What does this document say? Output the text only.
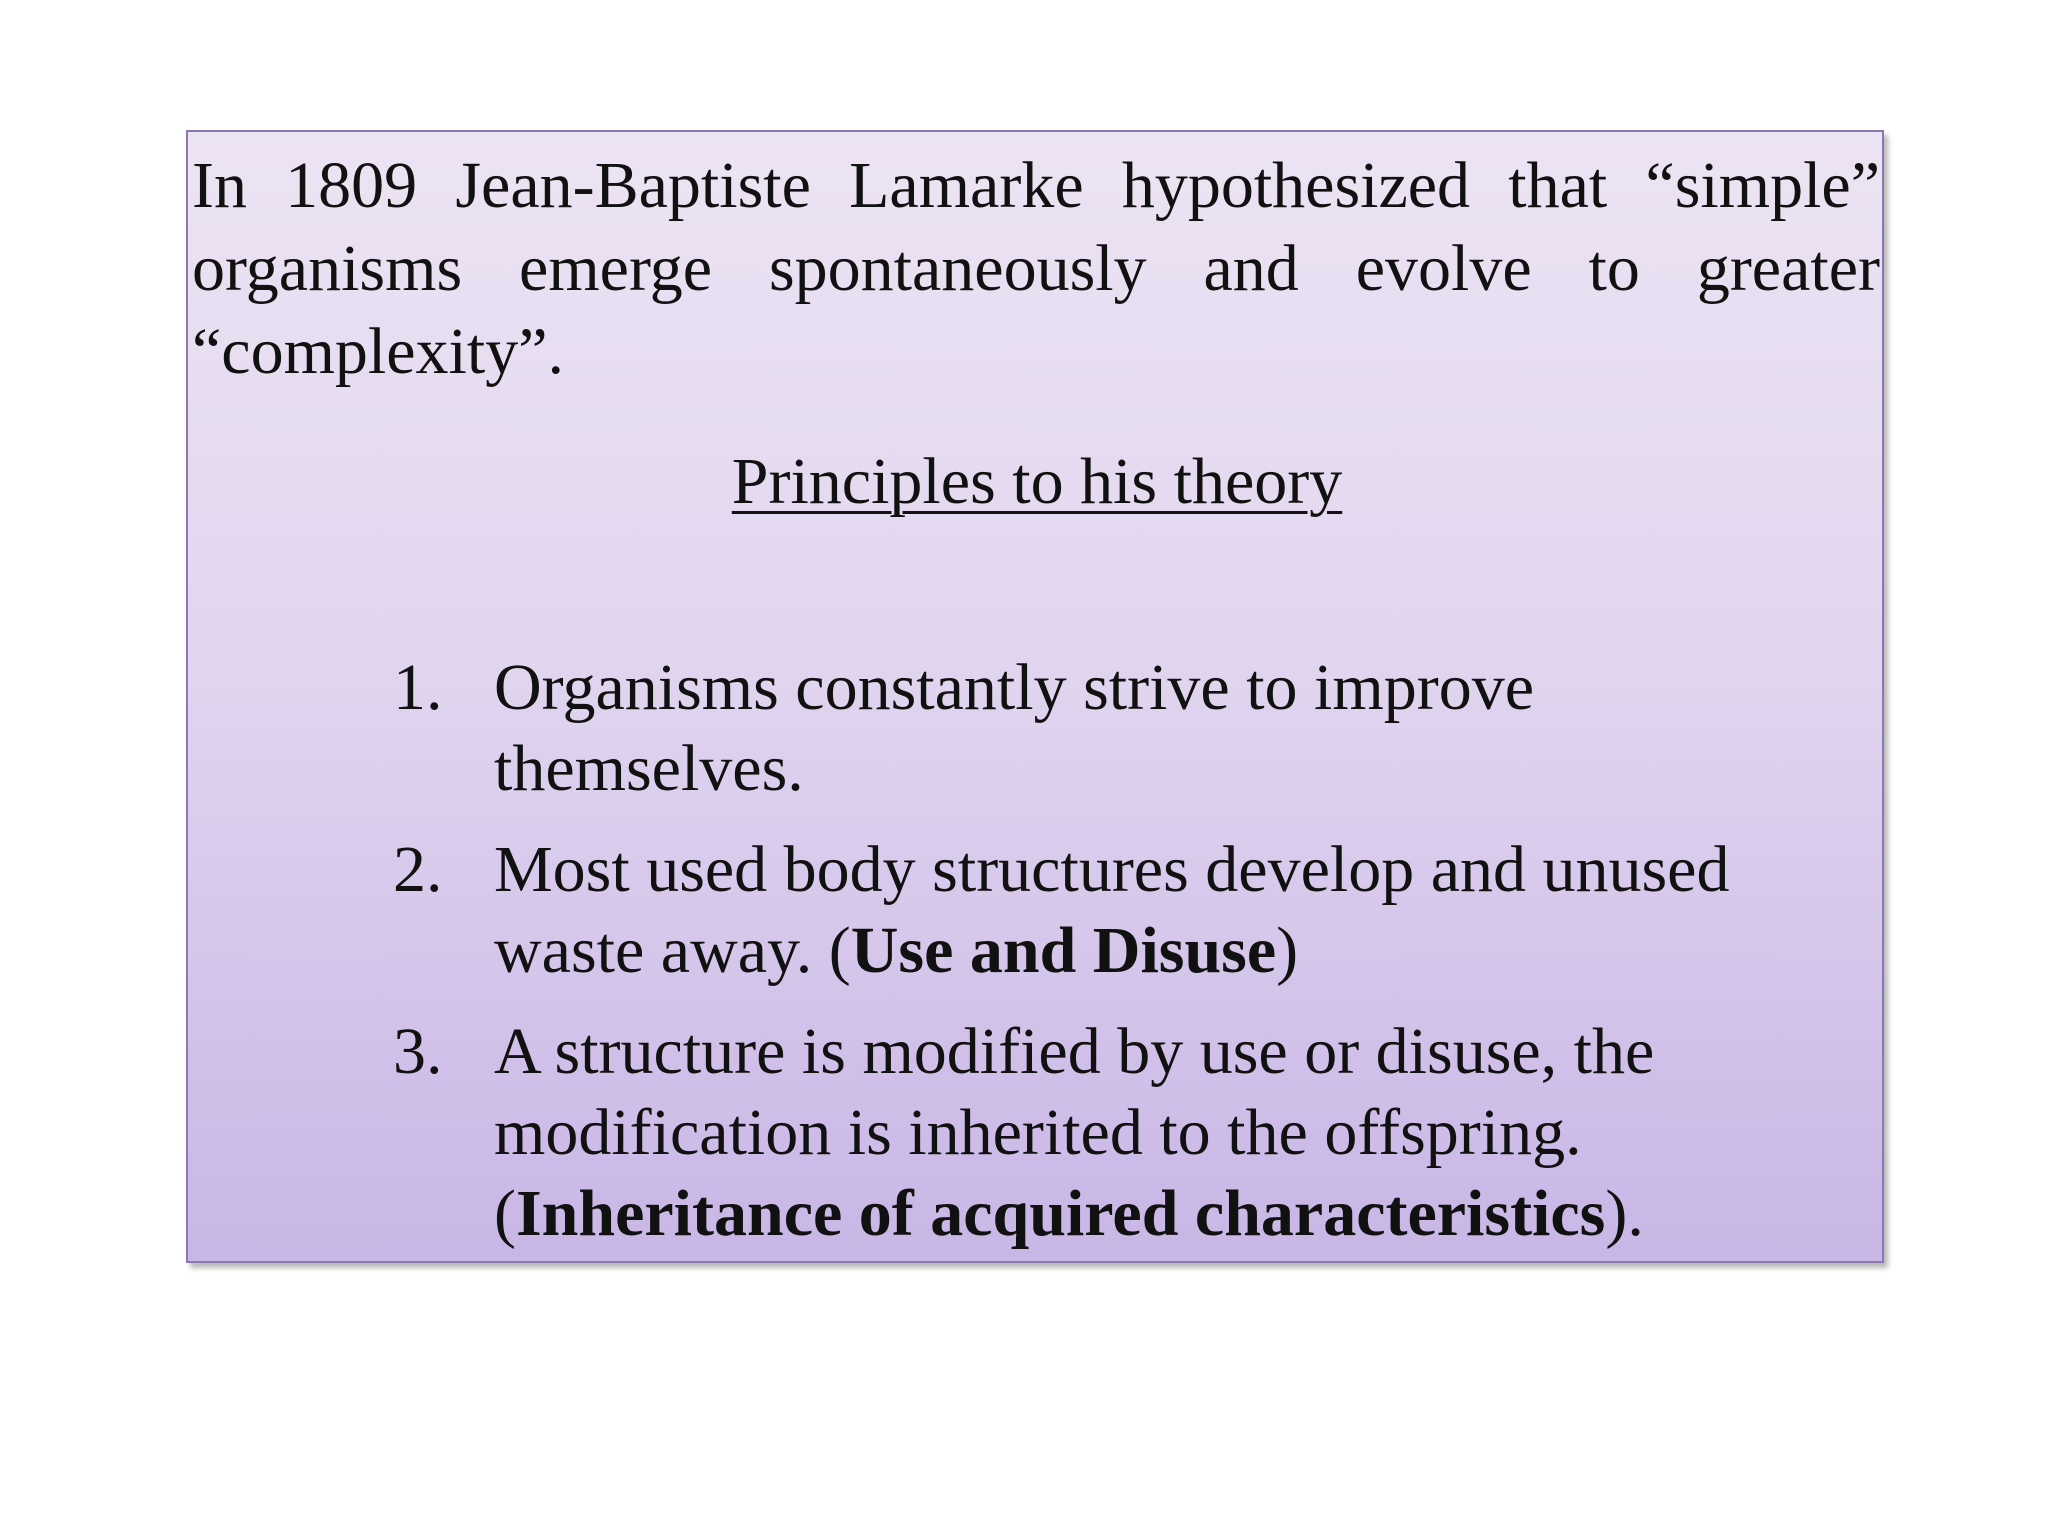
In 1809 Jean-Baptiste Lamarke hypothesized that “simple” organisms emerge spontaneously and evolve to greater “complexity”.

Principles to his theory
1. Organisms constantly strive to improve themselves.
2. Most used body structures develop and unused waste away. (Use and Disuse)
3. A structure is modified by use or disuse, the modification is inherited to the offspring.
(Inheritance of acquired characteristics).
